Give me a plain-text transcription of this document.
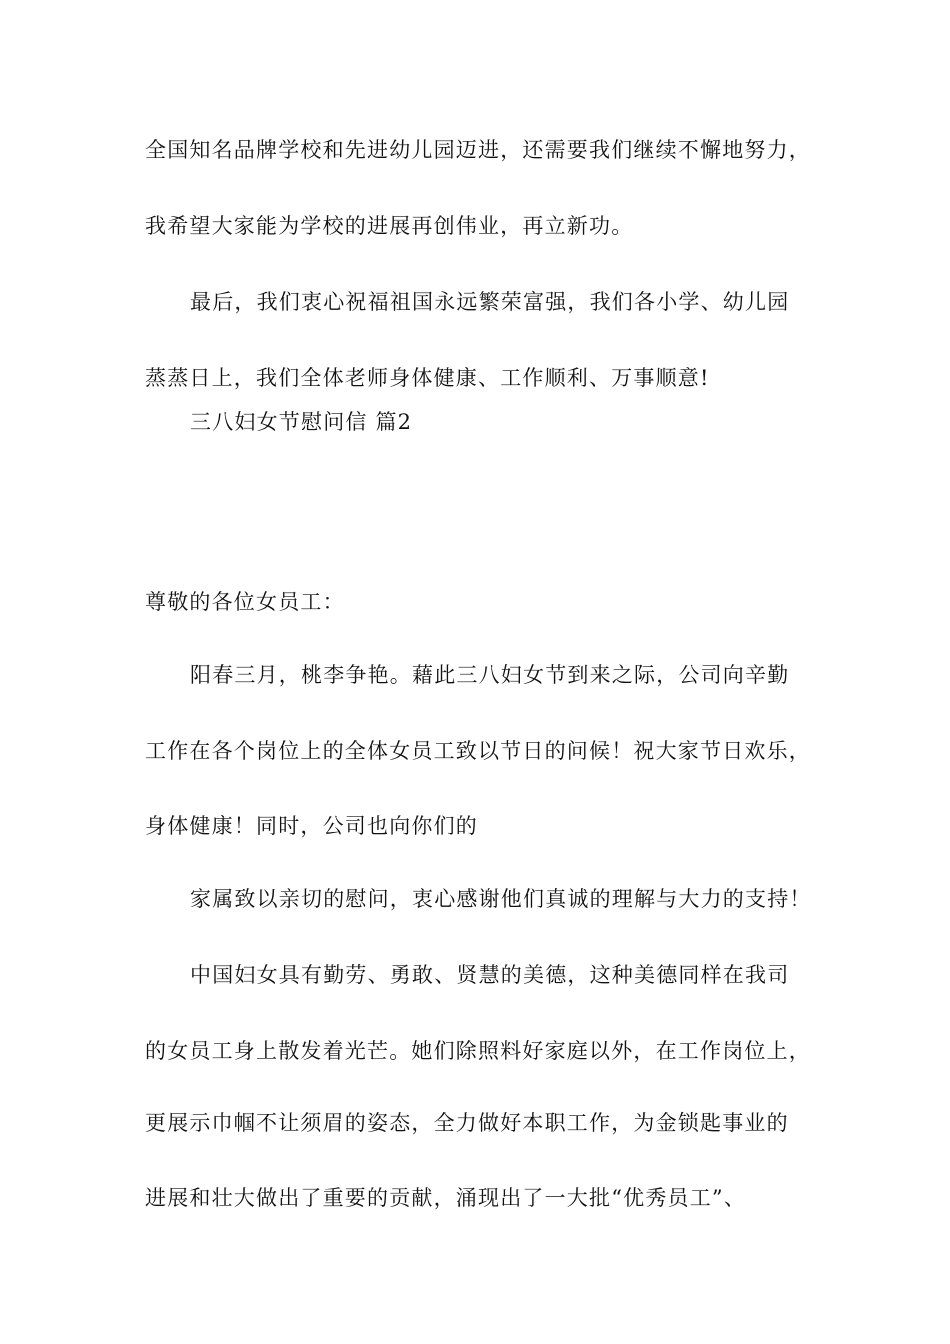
全国知名品牌学校和先进幼儿园迈进，还需要我们继续不懈地努力，
我希望大家能为学校的进展再创伟业，再立新功。
最后，我们衷心祝福祖国永远繁荣富强，我们各小学、幼儿园
蒸蒸日上，我们全体老师身体健康、工作顺利、万事顺意!
三八妇女节慰问信 篇2
尊敬的各位女员工：
阳春三月，桃李争艳。藉此三八妇女节到来之际，公司向辛勤
工作在各个岗位上的全体女员工致以节日的问候！祝大家节日欢乐，
身体健康！同时，公司也向你们的
家属致以亲切的慰问，衷心感谢他们真诚的理解与大力的支持！
中国妇女具有勤劳、勇敢、贤慧的美德，这种美德同样在我司
的女员工身上散发着光芒。她们除照料好家庭以外，在工作岗位上，
更展示巾帼不让须眉的姿态，全力做好本职工作，为金锁匙事业的
进展和壮大做出了重要的贡献，涌现出了一大批“优秀员工”、
